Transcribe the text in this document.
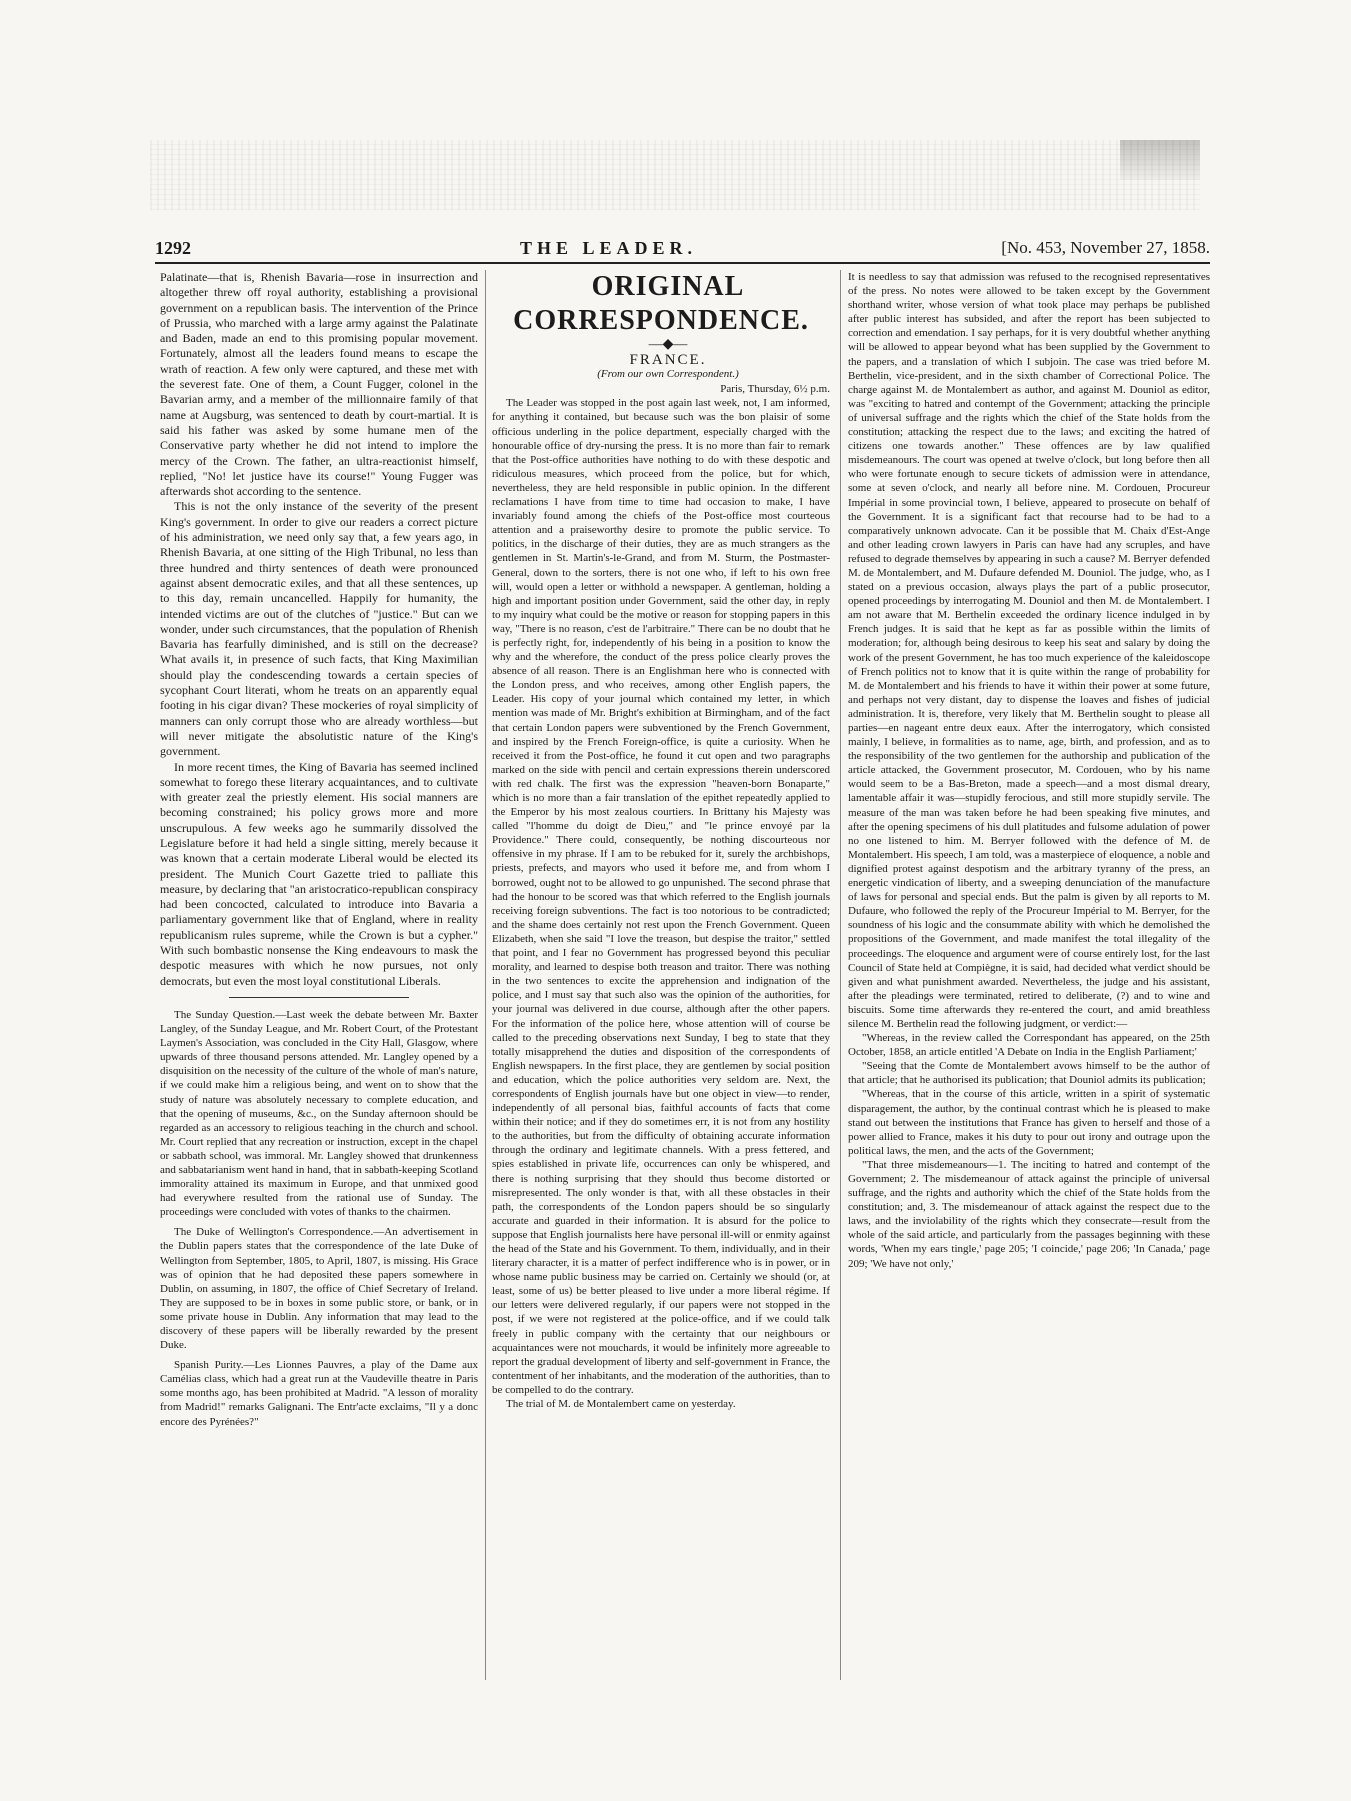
1292	THE LEADER.	[No. 453, November 27, 1858.

Palatinate—that is, Rhenish Bavaria—rose in insurrection and altogether threw off royal authority, establishing a provisional government on a republican basis. The intervention of the Prince of Prussia, who marched with a large army against the Palatinate and Baden, made an end to this promising popular movement. Fortunately, almost all the leaders found means to escape the wrath of reaction. A few only were captured, and these met with the severest fate. One of them, a Count Fugger, colonel in the Bavarian army, and a member of the millionnaire family of that name at Augsburg, was sentenced to death by court-martial. It is said his father was asked by some humane men of the Conservative party whether he did not intend to implore the mercy of the Crown. The father, an ultra-reactionist himself, replied, "No! let justice have its course!" Young Fugger was afterwards shot according to the sentence.

This is not the only instance of the severity of the present King's government. In order to give our readers a correct picture of his administration, we need only say that, a few years ago, in Rhenish Bavaria, at one sitting of the High Tribunal, no less than three hundred and thirty sentences of death were pronounced against absent democratic exiles, and that all these sentences, up to this day, remain uncancelled. Happily for humanity, the intended victims are out of the clutches of "justice." But can we wonder, under such circumstances, that the population of Rhenish Bavaria has fearfully diminished, and is still on the decrease? What avails it, in presence of such facts, that King Maximilian should play the condescending towards a certain species of sycophant Court literati, whom he treats on an apparently equal footing in his cigar divan? These mockeries of royal simplicity of manners can only corrupt those who are already worthless—but will never mitigate the absolutistic nature of the King's government.

In more recent times, the King of Bavaria has seemed inclined somewhat to forego these literary acquaintances, and to cultivate with greater zeal the priestly element. His social manners are becoming constrained; his policy grows more and more unscrupulous. A few weeks ago he summarily dissolved the Legislature before it had held a single sitting, merely because it was known that a certain moderate Liberal would be elected its president. The Munich Court Gazette tried to palliate this measure, by declaring that "an aristocratico-republican conspiracy had been concocted, calculated to introduce into Bavaria a parliamentary government like that of England, where in reality republicanism rules supreme, while the Crown is but a cypher." With such bombastic nonsense the King endeavours to mask the despotic measures with which he now pursues, not only democrats, but even the most loyal constitutional Liberals.

The Sunday Question.—Last week the debate between Mr. Baxter Langley, of the Sunday League, and Mr. Robert Court, of the Protestant Laymen's Association, was concluded in the City Hall, Glasgow, where upwards of three thousand persons attended. Mr. Langley opened by a disquisition on the necessity of the culture of the whole of man's nature, if we could make him a religious being, and went on to show that the study of nature was absolutely necessary to complete education, and that the opening of museums, &c., on the Sunday afternoon should be regarded as an accessory to religious teaching in the church and school. Mr. Court replied that any recreation or instruction, except in the chapel or sabbath school, was immoral. Mr. Langley showed that drunkenness and sabbatarianism went hand in hand, that in sabbath-keeping Scotland immorality attained its maximum in Europe, and that unmixed good had everywhere resulted from the rational use of Sunday. The proceedings were concluded with votes of thanks to the chairmen.

The Duke of Wellington's Correspondence.—An advertisement in the Dublin papers states that the correspondence of the late Duke of Wellington from September, 1805, to April, 1807, is missing. His Grace was of opinion that he had deposited these papers somewhere in Dublin, on assuming, in 1807, the office of Chief Secretary of Ireland. They are supposed to be in boxes in some public store, or bank, or in some private house in Dublin. Any information that may lead to the discovery of these papers will be liberally rewarded by the present Duke.

Spanish Purity.—Les Lionnes Pauvres, a play of the Dame aux Camélias class, which had a great run at the Vaudeville theatre in Paris some months ago, has been prohibited at Madrid. "A lesson of morality from Madrid!" remarks Galignani. The Entr'acte exclaims, "Il y a donc encore des Pyrénées?"

ORIGINAL CORRESPONDENCE.

—◆—

FRANCE.

(From our own Correspondent.)

Paris, Thursday, 6½ p.m.

The Leader was stopped in the post again last week, not, I am informed, for anything it contained, but because such was the bon plaisir of some officious underling in the police department, especially charged with the honourable office of dry-nursing the press. It is no more than fair to remark that the Post-office authorities have nothing to do with these despotic and ridiculous measures, which proceed from the police, but for which, nevertheless, they are held responsible in public opinion. In the different reclamations I have from time to time had occasion to make, I have invariably found among the chiefs of the Post-office most courteous attention and a praiseworthy desire to promote the public service. To politics, in the discharge of their duties, they are as much strangers as the gentlemen in St. Martin's-le-Grand, and from M. Sturm, the Postmaster-General, down to the sorters, there is not one who, if left to his own free will, would open a letter or withhold a newspaper. A gentleman, holding a high and important position under Government, said the other day, in reply to my inquiry what could be the motive or reason for stopping papers in this way, "There is no reason, c'est de l'arbitraire." There can be no doubt that he is perfectly right, for, independently of his being in a position to know the why and the wherefore, the conduct of the press police clearly proves the absence of all reason. There is an Englishman here who is connected with the London press, and who receives, among other English papers, the Leader. His copy of your journal which contained my letter, in which mention was made of Mr. Bright's exhibition at Birmingham, and of the fact that certain London papers were subventioned by the French Government, and inspired by the French Foreign-office, is quite a curiosity. When he received it from the Post-office, he found it cut open and two paragraphs marked on the side with pencil and certain expressions therein underscored with red chalk. The first was the expression "heaven-born Bonaparte," which is no more than a fair translation of the epithet repeatedly applied to the Emperor by his most zealous courtiers. In Brittany his Majesty was called "l'homme du doigt de Dieu," and "le prince envoyé par la Providence." There could, consequently, be nothing discourteous nor offensive in my phrase. If I am to be rebuked for it, surely the archbishops, priests, prefects, and mayors who used it before me, and from whom I borrowed, ought not to be allowed to go unpunished. The second phrase that had the honour to be scored was that which referred to the English journals receiving foreign subventions. The fact is too notorious to be contradicted; and the shame does certainly not rest upon the French Government. Queen Elizabeth, when she said "I love the treason, but despise the traitor," settled that point, and I fear no Government has progressed beyond this peculiar morality, and learned to despise both treason and traitor. There was nothing in the two sentences to excite the apprehension and indignation of the police, and I must say that such also was the opinion of the authorities, for your journal was delivered in due course, although after the other papers. For the information of the police here, whose attention will of course be called to the preceding observations next Sunday, I beg to state that they totally misapprehend the duties and disposition of the correspondents of English newspapers. In the first place, they are gentlemen by social position and education, which the police authorities very seldom are. Next, the correspondents of English journals have but one object in view—to render, independently of all personal bias, faithful accounts of facts that come within their notice; and if they do sometimes err, it is not from any hostility to the authorities, but from the difficulty of obtaining accurate information through the ordinary and legitimate channels. With a press fettered, and spies established in private life, occurrences can only be whispered, and there is nothing surprising that they should thus become distorted or misrepresented. The only wonder is that, with all these obstacles in their path, the correspondents of the London papers should be so singularly accurate and guarded in their information. It is absurd for the police to suppose that English journalists here have personal ill-will or enmity against the head of the State and his Government. To them, individually, and in their literary character, it is a matter of perfect indifference who is in power, or in whose name public business may be carried on. Certainly we should (or, at least, some of us) be better pleased to live under a more liberal régime. If our letters were delivered regularly, if our papers were not stopped in the post, if we were not registered at the police-office, and if we could talk freely in public company with the certainty that our neighbours or acquaintances were not mouchards, it would be infinitely more agreeable to report the gradual development of liberty and self-government in France, the contentment of her inhabitants, and the moderation of the authorities, than to be compelled to do the contrary.

The trial of M. de Montalembert came on yesterday.

It is needless to say that admission was refused to the recognised representatives of the press. No notes were allowed to be taken except by the Government shorthand writer, whose version of what took place may perhaps be published after public interest has subsided, and after the report has been subjected to correction and emendation. I say perhaps, for it is very doubtful whether anything will be allowed to appear beyond what has been supplied by the Government to the papers, and a translation of which I subjoin. The case was tried before M. Berthelin, vice-president, and in the sixth chamber of Correctional Police. The charge against M. de Montalembert as author, and against M. Douniol as editor, was "exciting to hatred and contempt of the Government; attacking the principle of universal suffrage and the rights which the chief of the State holds from the constitution; attacking the respect due to the laws; and exciting the hatred of citizens one towards another." These offences are by law qualified misdemeanours. The court was opened at twelve o'clock, but long before then all who were fortunate enough to secure tickets of admission were in attendance, some at seven o'clock, and nearly all before nine. M. Cordouen, Procureur Impérial in some provincial town, I believe, appeared to prosecute on behalf of the Government. It is a significant fact that recourse had to be had to a comparatively unknown advocate. Can it be possible that M. Chaix d'Est-Ange and other leading crown lawyers in Paris can have had any scruples, and have refused to degrade themselves by appearing in such a cause? M. Berryer defended M. de Montalembert, and M. Dufaure defended M. Douniol. The judge, who, as I stated on a previous occasion, always plays the part of a public prosecutor, opened proceedings by interrogating M. Douniol and then M. de Montalembert. I am not aware that M. Berthelin exceeded the ordinary licence indulged in by French judges. It is said that he kept as far as possible within the limits of moderation; for, although being desirous to keep his seat and salary by doing the work of the present Government, he has too much experience of the kaleidoscope of French politics not to know that it is quite within the range of probability for M. de Montalembert and his friends to have it within their power at some future, and perhaps not very distant, day to dispense the loaves and fishes of judicial administration. It is, therefore, very likely that M. Berthelin sought to please all parties—en nageant entre deux eaux. After the interrogatory, which consisted mainly, I believe, in formalities as to name, age, birth, and profession, and as to the responsibility of the two gentlemen for the authorship and publication of the article attacked, the Government prosecutor, M. Cordouen, who by his name would seem to be a Bas-Breton, made a speech—and a most dismal dreary, lamentable affair it was—stupidly ferocious, and still more stupidly servile. The measure of the man was taken before he had been speaking five minutes, and after the opening specimens of his dull platitudes and fulsome adulation of power no one listened to him. M. Berryer followed with the defence of M. de Montalembert. His speech, I am told, was a masterpiece of eloquence, a noble and dignified protest against despotism and the arbitrary tyranny of the press, an energetic vindication of liberty, and a sweeping denunciation of the manufacture of laws for personal and special ends. But the palm is given by all reports to M. Dufaure, who followed the reply of the Procureur Impérial to M. Berryer, for the soundness of his logic and the consummate ability with which he demolished the propositions of the Government, and made manifest the total illegality of the proceedings. The eloquence and argument were of course entirely lost, for the last Council of State held at Compiègne, it is said, had decided what verdict should be given and what punishment awarded. Nevertheless, the judge and his assistant, after the pleadings were terminated, retired to deliberate, (?) and to wine and biscuits. Some time afterwards they re-entered the court, and amid breathless silence M. Berthelin read the following judgment, or verdict:—

"Whereas, in the review called the Correspondant has appeared, on the 25th October, 1858, an article entitled 'A Debate on India in the English Parliament;'

"Seeing that the Comte de Montalembert avows himself to be the author of that article; that he authorised its publication; that Douniol admits its publication;

"Whereas, that in the course of this article, written in a spirit of systematic disparagement, the author, by the continual contrast which he is pleased to make stand out between the institutions that France has given to herself and those of a power allied to France, makes it his duty to pour out irony and outrage upon the political laws, the men, and the acts of the Government;

"That three misdemeanours—1. The inciting to hatred and contempt of the Government; 2. The misdemeanour of attack against the principle of universal suffrage, and the rights and authority which the chief of the State holds from the constitution; and, 3. The misdemeanour of attack against the respect due to the laws, and the inviolability of the rights which they consecrate—result from the whole of the said article, and particularly from the passages beginning with these words, 'When my ears tingle,' page 205; 'I coincide,' page 206; 'In Canada,' page 209; 'We have not only,'
